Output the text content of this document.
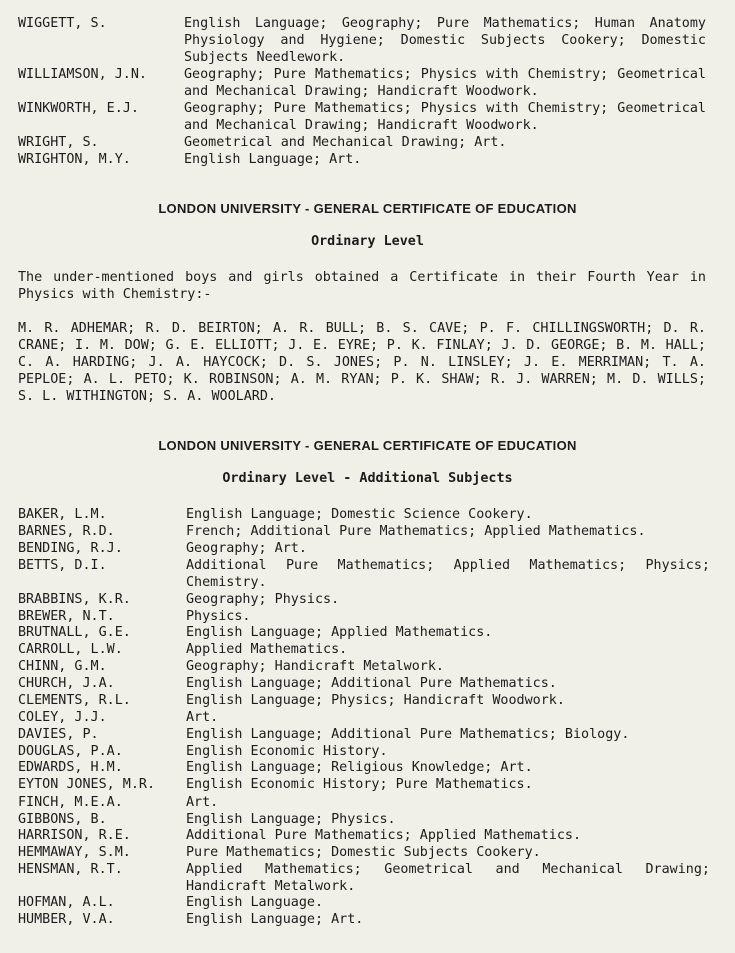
WIGGETT, S.	English Language; Geography; Pure Mathematics; Human Anatomy Physiology and Hygiene; Domestic Subjects Cookery; Domestic Subjects Needlework.
WILLIAMSON, J.N.	Geography; Pure Mathematics; Physics with Chemistry; Geometrical and Mechanical Drawing; Handicraft Woodwork.
WINKWORTH, E.J.	Geography; Pure Mathematics; Physics with Chemistry; Geometrical and Mechanical Drawing; Handicraft Woodwork.
WRIGHT, S.	Geometrical and Mechanical Drawing; Art.
WRIGHTON, M.Y.	English Language; Art.
LONDON UNIVERSITY - GENERAL CERTIFICATE OF EDUCATION
Ordinary Level
The under-mentioned boys and girls obtained a Certificate in their Fourth Year in Physics with Chemistry:-
M. R. ADHEMAR; R. D. BEIRTON; A. R. BULL; B. S. CAVE; P. F. CHILLINGSWORTH; D. R. CRANE; I. M. DOW; G. E. ELLIOTT; J. E. EYRE; P. K. FINLAY; J. D. GEORGE; B. M. HALL; C. A. HARDING; J. A. HAYCOCK; D. S. JONES; P. N. LINSLEY; J. E. MERRIMAN; T. A. PEPLOE; A. L. PETO; K. ROBINSON; A. M. RYAN; P. K. SHAW; R. J. WARREN; M. D. WILLS; S. L. WITHINGTON; S. A. WOOLARD.
LONDON UNIVERSITY - GENERAL CERTIFICATE OF EDUCATION
Ordinary Level - Additional Subjects
BAKER, L.M.	English Language; Domestic Science Cookery.
BARNES, R.D.	French; Additional Pure Mathematics; Applied Mathematics.
BENDING, R.J.	Geography; Art.
BETTS, D.I.	Additional Pure Mathematics; Applied Mathematics; Physics; Chemistry.
BRABBINS, K.R.	Geography; Physics.
BREWER, N.T.	Physics.
BRUTNALL, G.E.	English Language; Applied Mathematics.
CARROLL, L.W.	Applied Mathematics.
CHINN, G.M.	Geography; Handicraft Metalwork.
CHURCH, J.A.	English Language; Additional Pure Mathematics.
CLEMENTS, R.L.	English Language; Physics; Handicraft Woodwork.
COLEY, J.J.	Art.
DAVIES, P.	English Language; Additional Pure Mathematics; Biology.
DOUGLAS, P.A.	English Economic History.
EDWARDS, H.M.	English Language; Religious Knowledge; Art.
EYTON JONES, M.R.	English Economic History; Pure Mathematics.
FINCH, M.E.A.	Art.
GIBBONS, B.	English Language; Physics.
HARRISON, R.E.	Additional Pure Mathematics; Applied Mathematics.
HEMMAWAY, S.M.	Pure Mathematics; Domestic Subjects Cookery.
HENSMAN, R.T.	Applied Mathematics; Geometrical and Mechanical Drawing; Handicraft Metalwork.
HOFMAN, A.L.	English Language.
HUMBER, V.A.	English Language; Art.
